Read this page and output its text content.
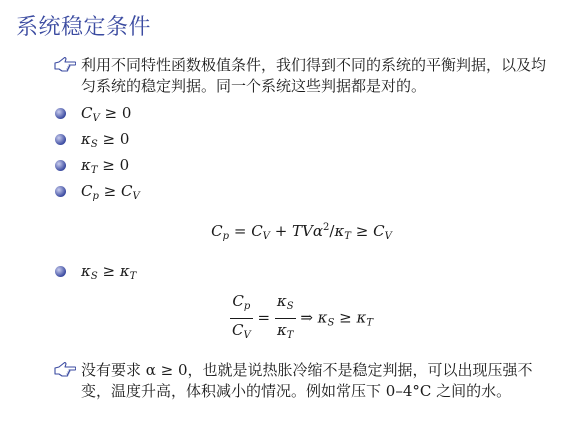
系统稳定条件
利用不同特性函数极值条件，我们得到不同的系统的平衡判据，以及均匀系统的稳定判据。同一个系统这些判据都是对的。
$C_V \ge 0$
$\kappa_S \ge 0$
$\kappa_T \ge 0$
$C_p \ge C_V$
$C_p = C_V + TV\alpha^2/\kappa_T \ge C_V$
$\kappa_S \ge \kappa_T$
$\frac{C_p}{C_V} = \frac{\kappa_S}{\kappa_T}$ ⇒ $\kappa_S \ge \kappa_T$
没有要求 α ≥ 0，也就是说热胀冷缩不是稳定判据，可以出现压强不变，温度升高，体积减小的情况。例如常压下 0–4°C 之间的水。
